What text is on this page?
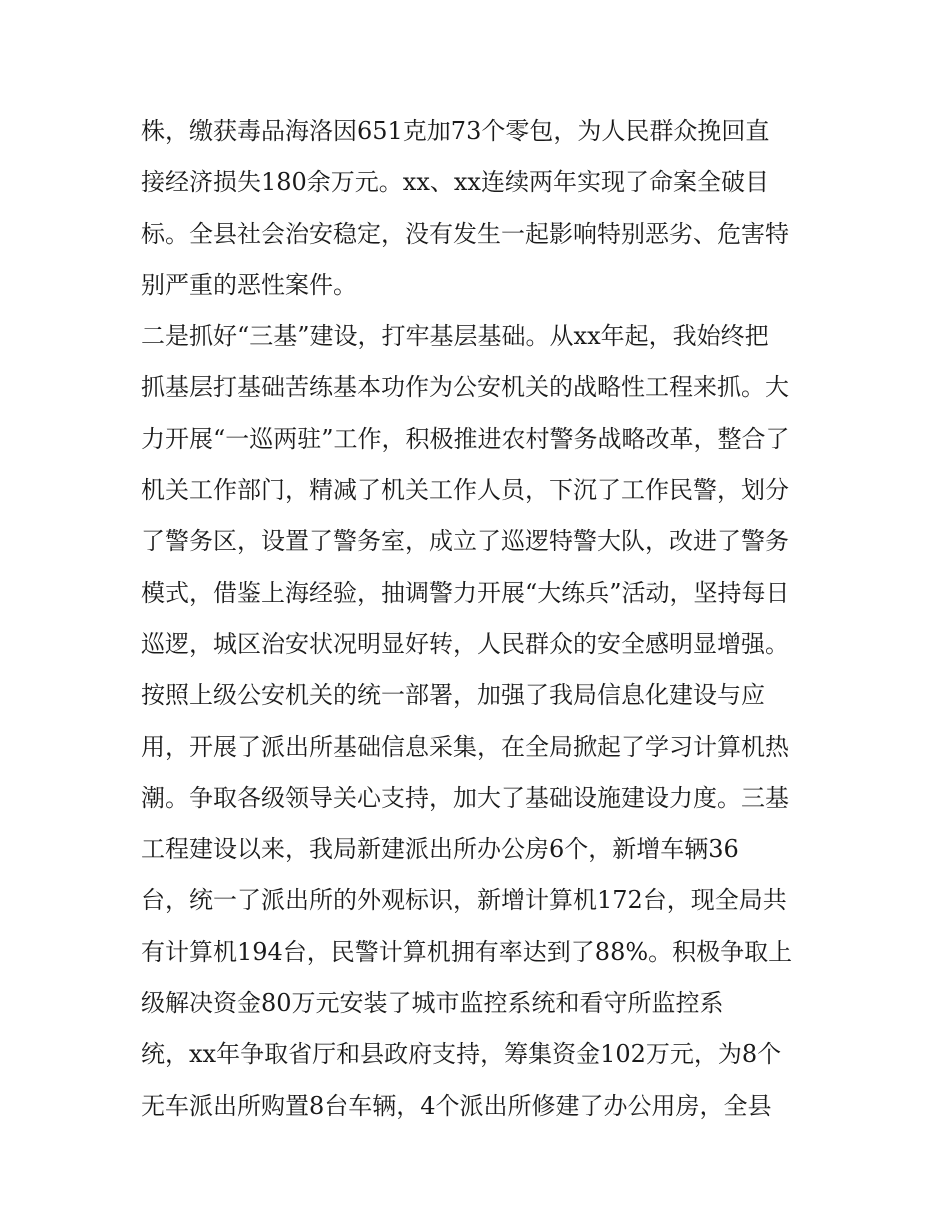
株，缴获毒品海洛因651克加73个零包，为人民群众挽回直
接经济损失180余万元。xx、xx连续两年实现了命案全破目
标。全县社会治安稳定，没有发生一起影响特别恶劣、危害特
别严重的恶性案件。
二是抓好“三基”建设，打牢基层基础。从xx年起，我始终把
抓基层打基础苦练基本功作为公安机关的战略性工程来抓。大
力开展“一巡两驻”工作，积极推进农村警务战略改革，整合了
机关工作部门，精减了机关工作人员，下沉了工作民警，划分
了警务区，设置了警务室，成立了巡逻特警大队，改进了警务
模式，借鉴上海经验，抽调警力开展“大练兵”活动，坚持每日
巡逻，城区治安状况明显好转，人民群众的安全感明显增强。
按照上级公安机关的统一部署，加强了我局信息化建设与应
用，开展了派出所基础信息采集，在全局掀起了学习计算机热
潮。争取各级领导关心支持，加大了基础设施建设力度。三基
工程建设以来，我局新建派出所办公房6个，新增车辆36
台，统一了派出所的外观标识，新增计算机172台，现全局共
有计算机194台，民警计算机拥有率达到了88%。积极争取上
级解决资金80万元安装了城市监控系统和看守所监控系
统，xx年争取省厅和县政府支持，筹集资金102万元，为8个
无车派出所购置8台车辆，4个派出所修建了办公用房，全县
